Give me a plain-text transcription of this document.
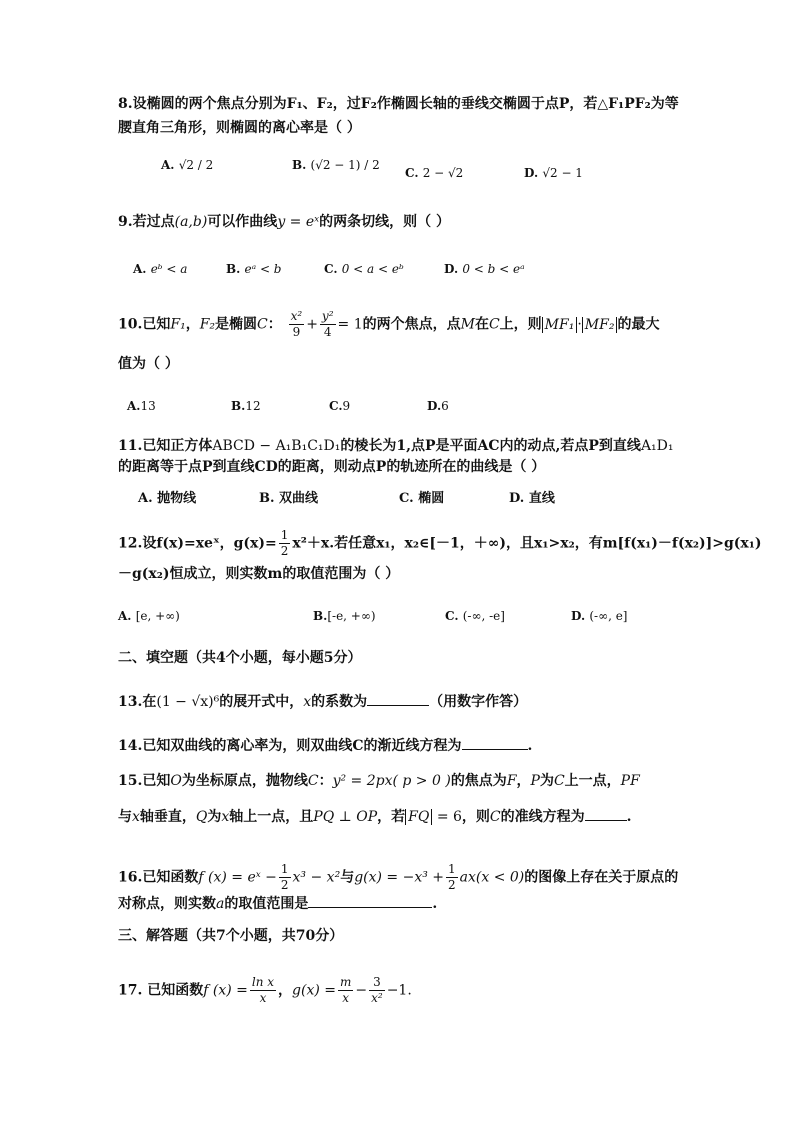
8.设椭圆的两个焦点分别为F₁、F₂，过F₂作椭圆长轴的垂线交椭圆于点P，若△F₁PF₂为等
腰直角三角形，则椭圆的离心率是（ ）
A. √2 / 2	B. (√2 − 1) / 2
C. 2 − √2	D. √2 − 1
9.若过点(a,b)可以作曲线y = eˣ的两条切线，则（ ）
A. eᵇ < a	B. eᵃ < b	C. 0 < a < eᵇ	D. 0 < b < eᵃ
10.已知F₁，F₂是椭圆C： $\frac{\text{x²}}{9} + \frac{\text{y²}}{4} = 1$的两个焦点，点M在C上，则 MF₁ · MF₂ 的最大
值为（ ）
A.13	B.12	C.9	D.6
11.已知正方体ABCD − A₁B₁C₁D₁的棱长为1,点P是平面AC内的动点,若点P到直线A₁D₁
的距离等于点P到直线CD的距离，则动点P的轨迹所在的曲线是（ ）
A. 抛物线	B. 双曲线	C. 椭圆	D. 直线
12.设f(x)=xeˣ，$g(x)= \frac{1}{2} x^2+x$.若任意x₁，x₂∈[－1，＋∞)，且x₁>x₂，有m[f(x₁)－f(x₂)]>g(x₁)
－g(x₂)恒成立，则实数m的取值范围为（ ）
A. [e, +∞)	B.[-e, +∞)	C. (-∞, -e]	D. (-∞, e]
二、填空题（共4个小题，每小题5分）
13.在(1 − √x)⁶的展开式中，x的系数为	（用数字作答）
14.已知双曲线的离心率为，则双曲线C的渐近线方程为	.
15.已知O为坐标原点，抛物线C：y² = 2px( p > 0 )的焦点为F，P为C上一点，PF
与x轴垂直，Q为x轴上一点，且PQ ⊥ OP，若 FQ = 6，则C的准线方程为	.
16.已知函数f (x) = eˣ − $\frac{1}{2} x^3 - x^2$与$g(x) = -x^3 + \frac{1}{2} ax(x < 0)$的图像上存在关于原点的
对称点，则实数a的取值范围是	.
三、解答题（共7个小题，共70分）
17. 已知函数f $(x) = \frac{\text{ln x}}{x}$ ，$g(x) = \frac{m}{x} - \frac{3}{\text{x²}} -1$.
